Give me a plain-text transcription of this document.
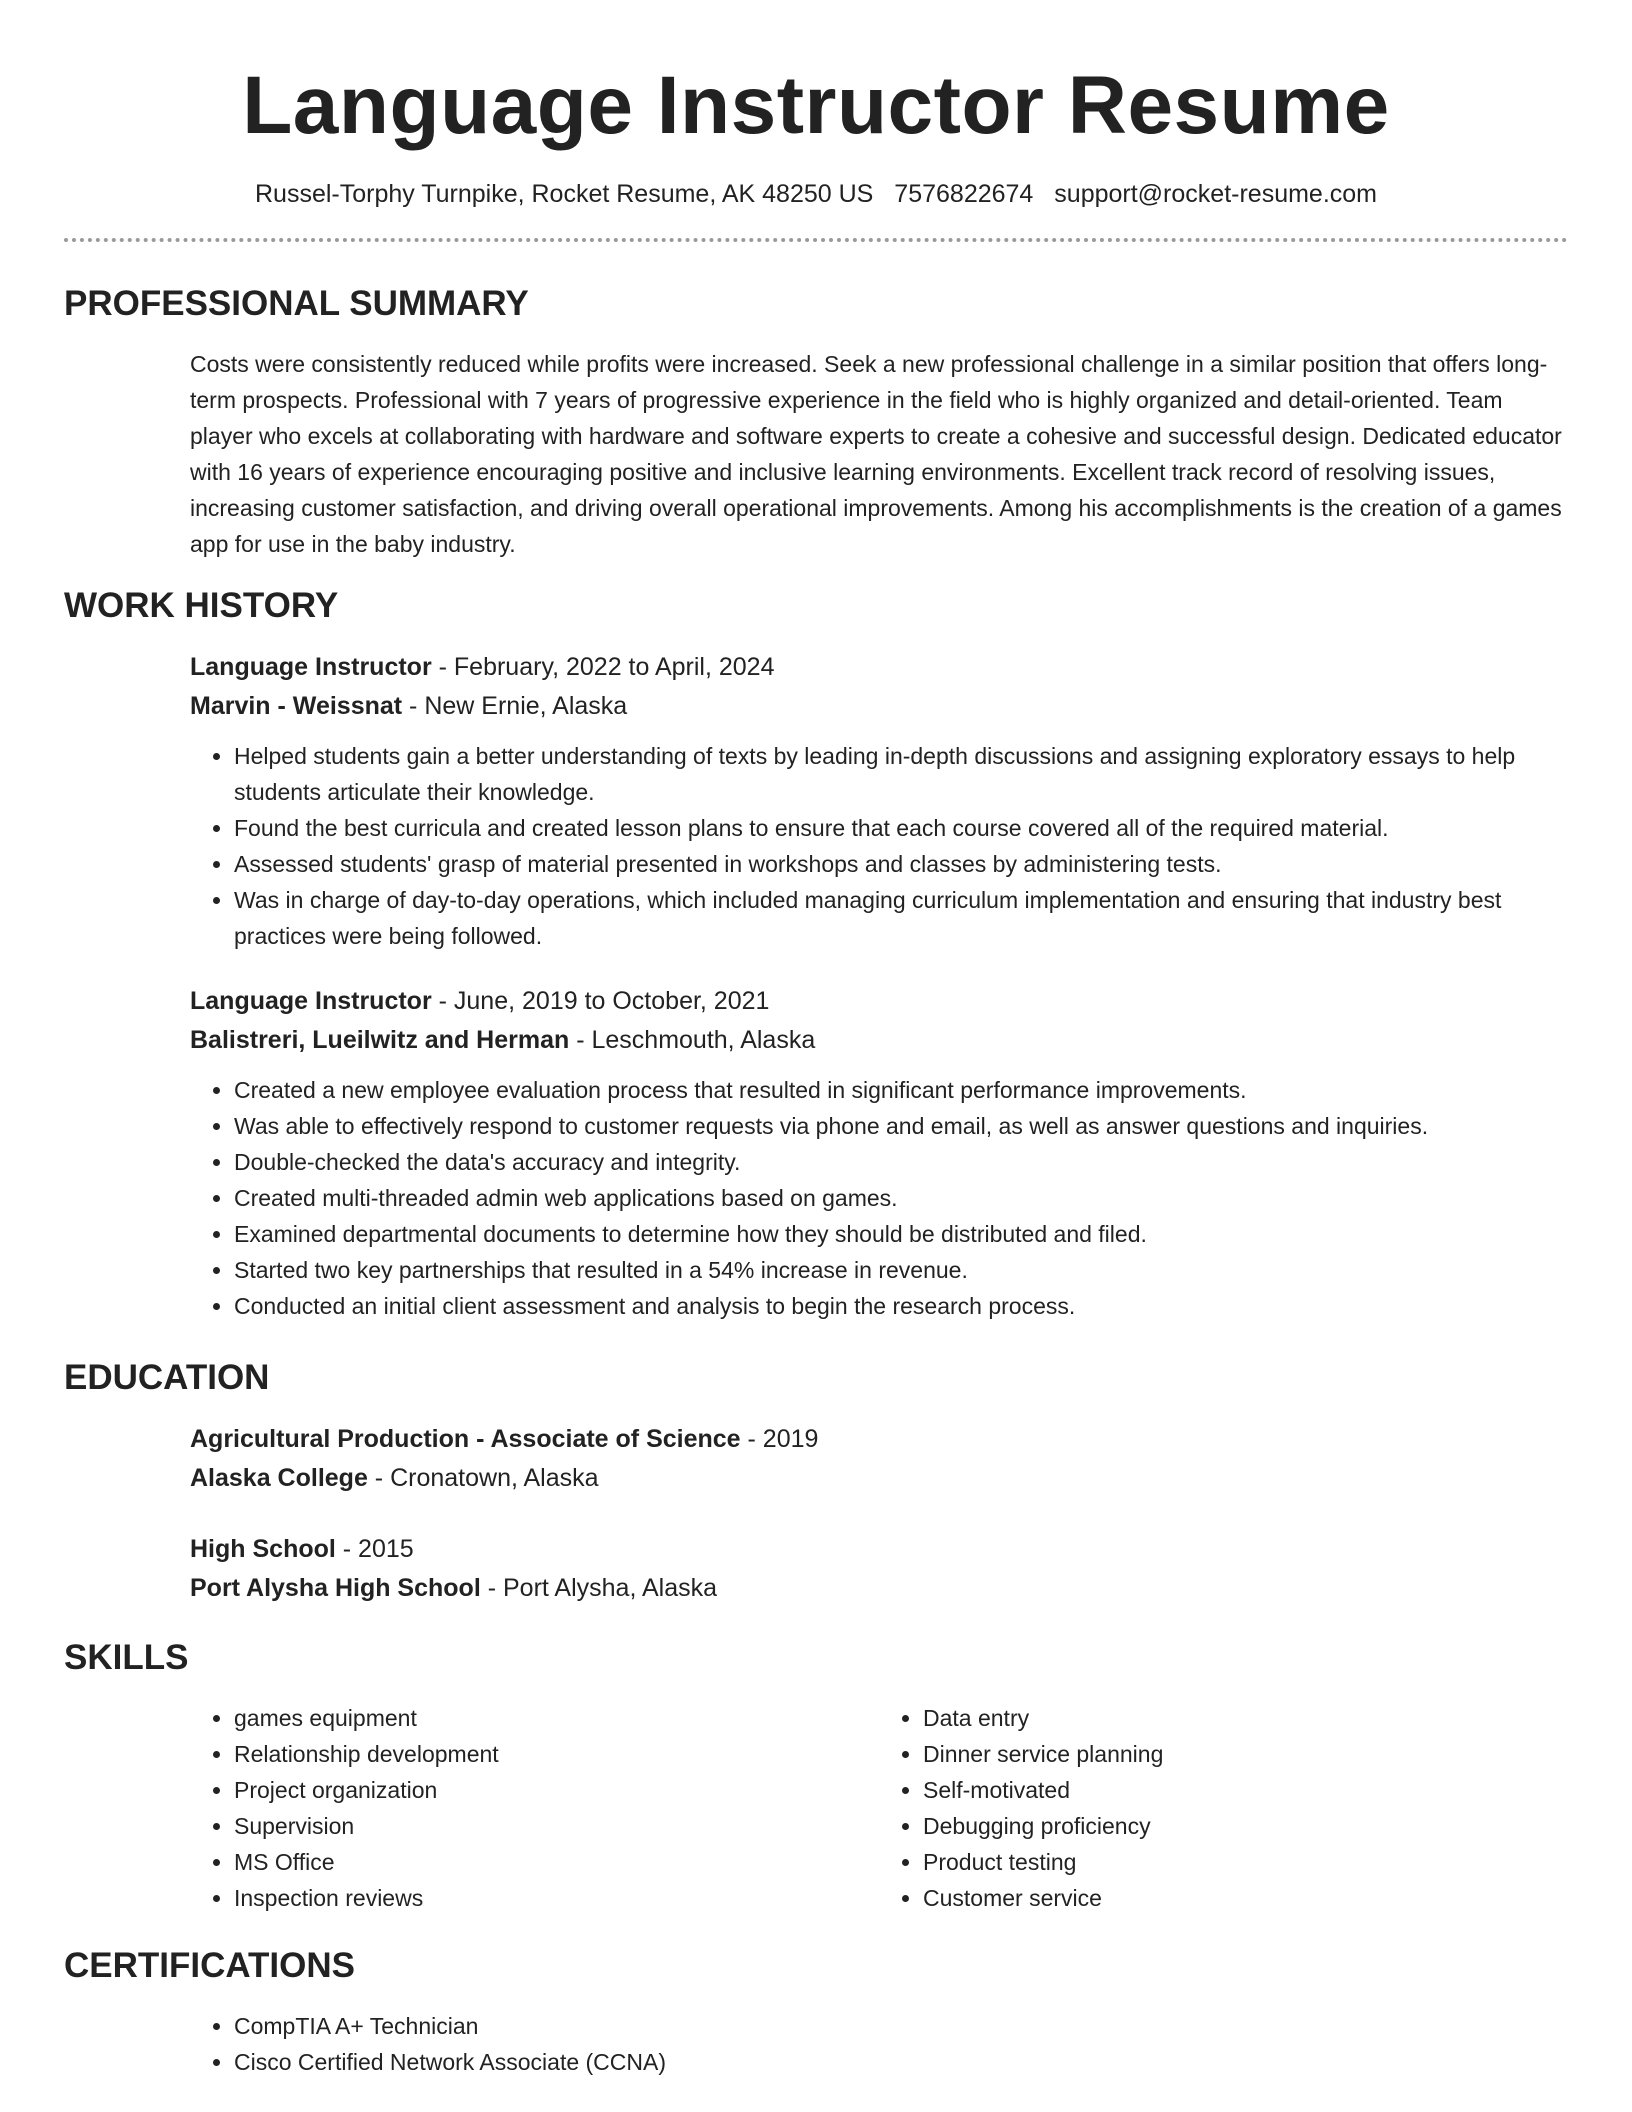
Language Instructor Resume
Russel-Torphy Turnpike, Rocket Resume, AK 48250 US 7576822674 support@rocket-resume.com
PROFESSIONAL SUMMARY

Costs were consistently reduced while profits were increased. Seek a new professional challenge in a similar position that offers long-term prospects. Professional with 7 years of progressive experience in the field who is highly organized and detail-oriented. Team player who excels at collaborating with hardware and software experts to create a cohesive and successful design. Dedicated educator with 16 years of experience encouraging positive and inclusive learning environments. Excellent track record of resolving issues, increasing customer satisfaction, and driving overall operational improvements. Among his accomplishments is the creation of a games app for use in the baby industry.

WORK HISTORY

Language Instructor - February, 2022 to April, 2024

Marvin - Weissnat - New Ernie, Alaska

• Helped students gain a better understanding of texts by leading in-depth discussions and assigning exploratory essays to help students articulate their knowledge.
• Found the best curricula and created lesson plans to ensure that each course covered all of the required material.
• Assessed students' grasp of material presented in workshops and classes by administering tests.
• Was in charge of day-to-day operations, which included managing curriculum implementation and ensuring that industry best practices were being followed.

Language Instructor - June, 2019 to October, 2021

Balistreri, Lueilwitz and Herman - Leschmouth, Alaska

• Created a new employee evaluation process that resulted in significant performance improvements.
• Was able to effectively respond to customer requests via phone and email, as well as answer questions and inquiries.
• Double-checked the data's accuracy and integrity.
• Created multi-threaded admin web applications based on games.
• Examined departmental documents to determine how they should be distributed and filed.
• Started two key partnerships that resulted in a 54% increase in revenue.
• Conducted an initial client assessment and analysis to begin the research process.
EDUCATION

Agricultural Production - Associate of Science - 2019

Alaska College - Cronatown, Alaska

High School - 2015

Port Alysha High School - Port Alysha, Alaska

SKILLS
• games equipment
• Relationship development
• Project organization
• Supervision
• MS Office
• Inspection reviews
• Data entry
• Dinner service planning
• Self-motivated
• Debugging proficiency
• Product testing
• Customer service
CERTIFICATIONS
• CompTIA A+ Technician
• Cisco Certified Network Associate (CCNA)
